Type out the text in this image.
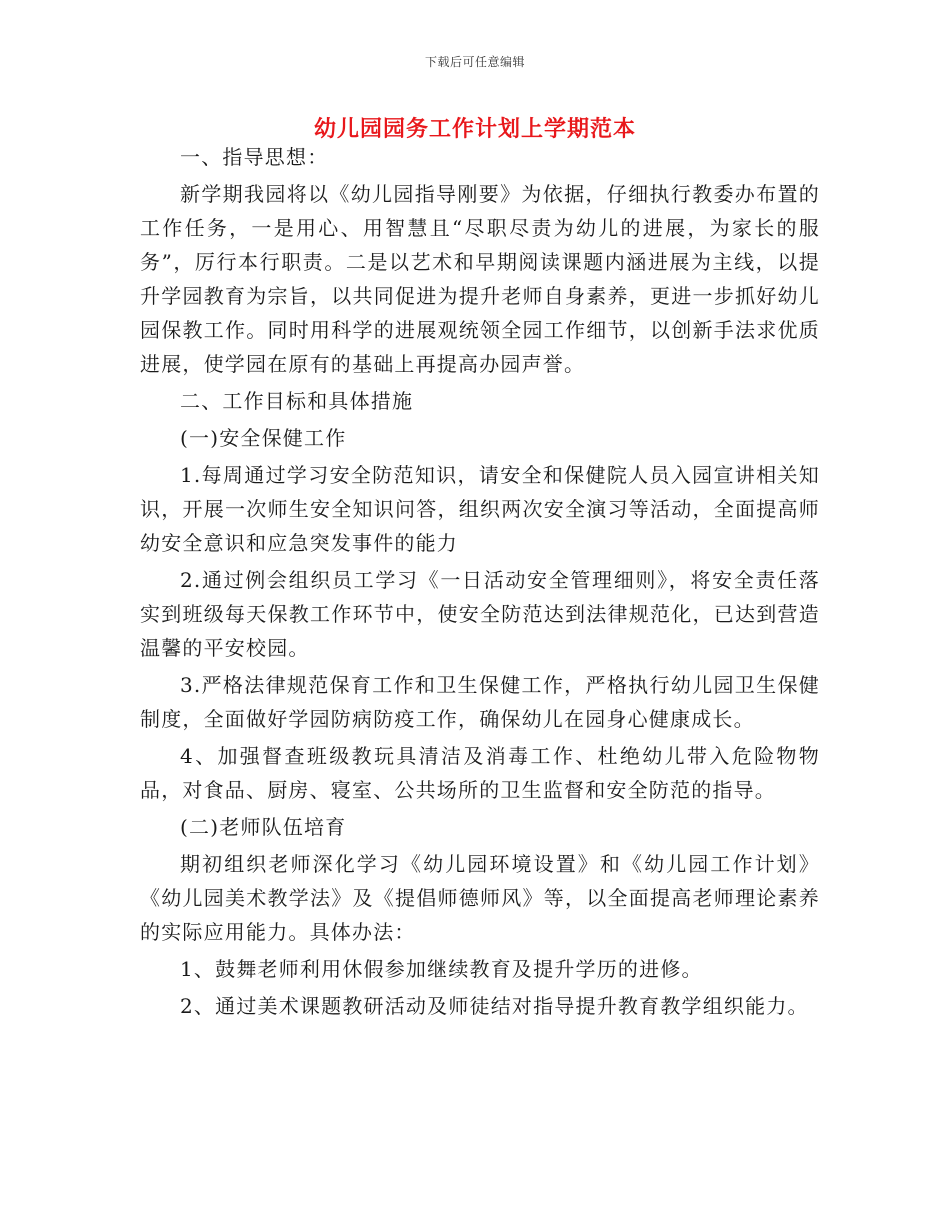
下载后可任意编辑
幼儿园园务工作计划上学期范本

一、指导思想：

新学期我园将以《幼儿园指导刚要》为依据，仔细执行教委办布置的工作任务，一是用心、用智慧且“尽职尽责为幼儿的进展，为家长的服务”，厉行本行职责。二是以艺术和早期阅读课题内涵进展为主线，以提升学园教育为宗旨，以共同促进为提升老师自身素养，更进一步抓好幼儿园保教工作。同时用科学的进展观统领全园工作细节，以创新手法求优质进展，使学园在原有的基础上再提高办园声誉。

二、工作目标和具体措施

(一)安全保健工作

1.每周通过学习安全防范知识，请安全和保健院人员入园宣讲相关知识，开展一次师生安全知识问答，组织两次安全演习等活动，全面提高师幼安全意识和应急突发事件的能力

2.通过例会组织员工学习《一日活动安全管理细则》，将安全责任落实到班级每天保教工作环节中，使安全防范达到法律规范化，已达到营造温馨的平安校园。

3.严格法律规范保育工作和卫生保健工作，严格执行幼儿园卫生保健制度，全面做好学园防病防疫工作，确保幼儿在园身心健康成长。

4、加强督查班级教玩具清洁及消毒工作、杜绝幼儿带入危险物物品，对食品、厨房、寝室、公共场所的卫生监督和安全防范的指导。

(二)老师队伍培育

期初组织老师深化学习《幼儿园环境设置》和《幼儿园工作计划》《幼儿园美术教学法》及《提倡师德师风》等，以全面提高老师理论素养的实际应用能力。具体办法：

1、鼓舞老师利用休假参加继续教育及提升学历的进修。

2、通过美术课题教研活动及师徒结对指导提升教育教学组织能力。
